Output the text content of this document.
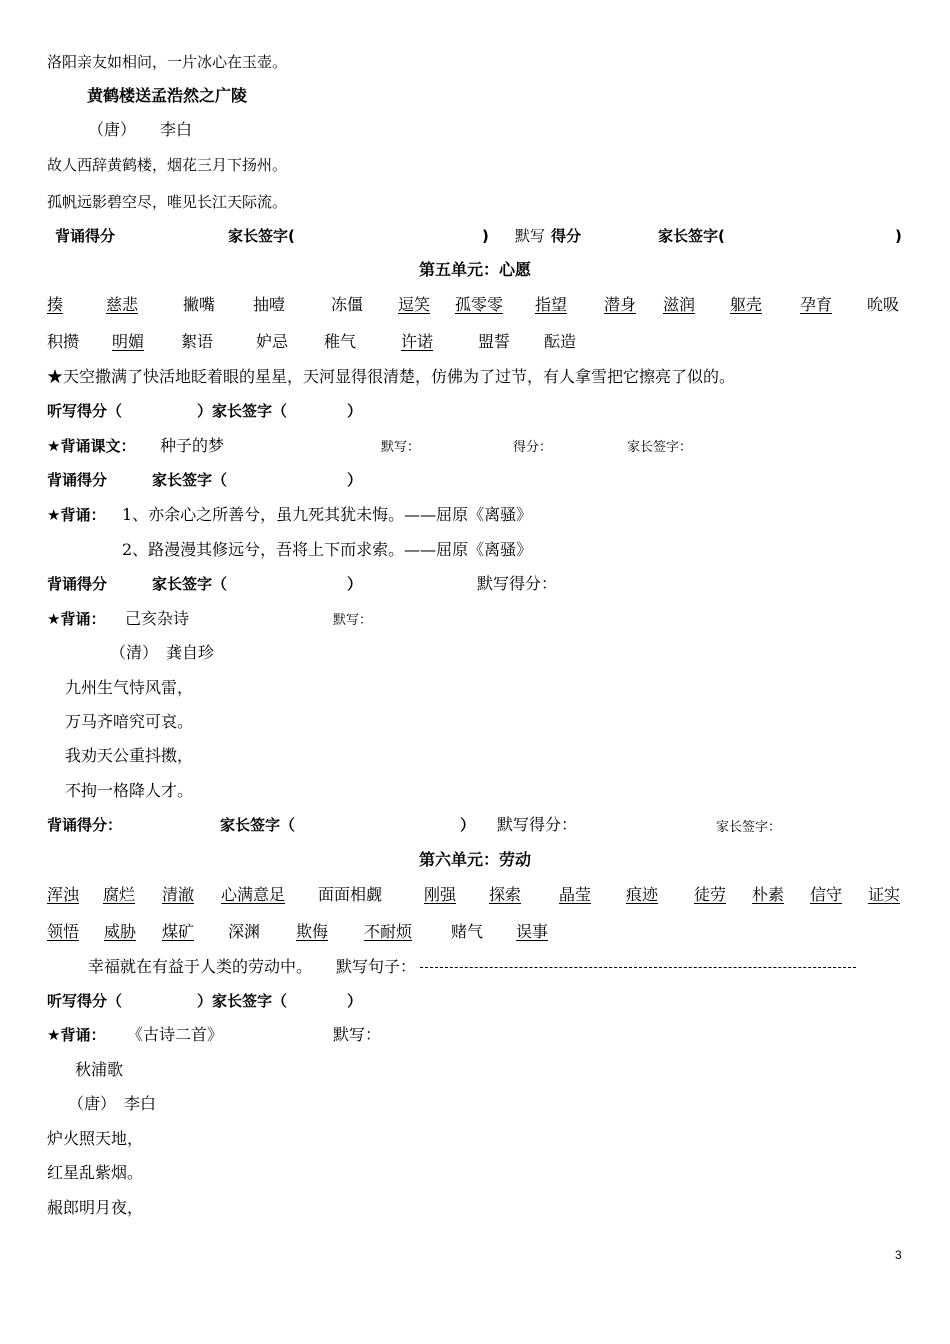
洛阳亲友如相问，一片冰心在玉壶。
黄鹤楼送孟浩然之广陵
（唐）　　李白
故人西辞黄鹤楼，烟花三月下扬州。
孤帆远影碧空尽，唯见长江天际流。
背诵得分	家长签字(	) 默写 得分	家长签字(	)
第五单元：心愿
揍	慈悲	撇嘴 抽噎	冻僵 逗笑 孤零零 指望 潜身 滋润 躯壳 孕育 吮吸
积攒 明媚 絮语	妒忌 稚气	许诺	盟誓 酝造
★天空撒满了快活地眨着眼的星星，天河显得很清楚，仿佛为了过节，有人拿雪把它擦亮了似的。
听写得分（　　　　　）家长签字（　　　　）
★背诵课文： 种子的梦	默写：	得分：	家长签字：
背诵得分　　　家长签字（　　　　　　　　）
★背诵： 1、亦余心之所善兮，虽九死其犹未悔。——屈原《离骚》
2、路漫漫其修远兮，吾将上下而求索。——屈原《离骚》
背诵得分　　　家长签字（　　　　　　　　）	默写得分：
★背诵： 己亥杂诗	默写：
（清）　龚自珍
九州生气恃风雷，
万马齐喑究可哀。
我劝天公重抖擞，
不拘一格降人才。
背诵得分：	家长签字（	） 默写得分：	家长签字：
第六单元：劳动
浑浊 腐烂 清澈 心满意足 面面相觑	刚强 探索 晶莹 痕迹 徒劳 朴素 信守 证实
领悟 威胁 煤矿 深渊 欺侮 不耐烦 赌气 误事
幸福就在有益于人类的劳动中。 默写句子：
听写得分（　　　　　）家长签字（　　　　）
★背诵： 《古诗二首》	默写：
秋浦歌
（唐）　李白
炉火照天地，
红星乱紫烟。
赧郎明月夜，
3
